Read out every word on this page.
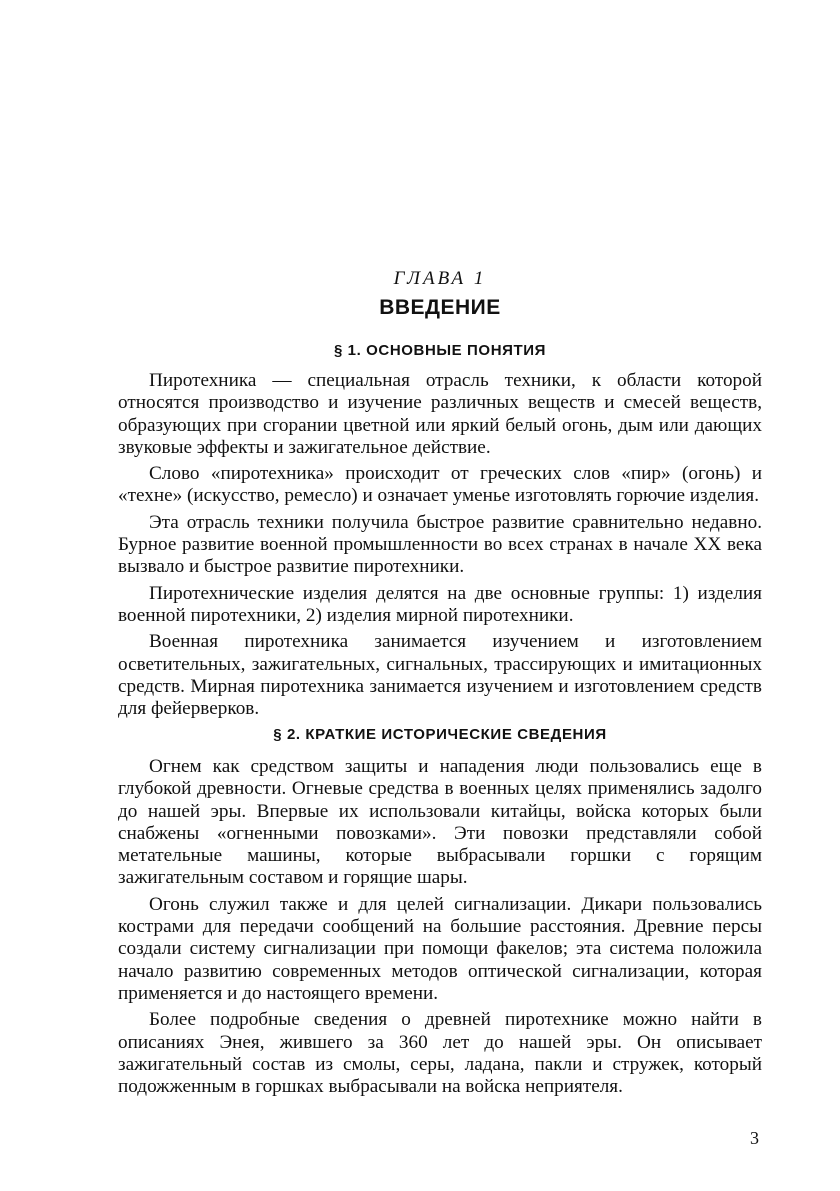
ГЛАВА 1
ВВЕДЕНИЕ
§ 1. ОСНОВНЫЕ ПОНЯТИЯ

Пиротехника — специальная отрасль техники, к области которой относятся производство и изучение различных веществ и смесей веществ, образующих при сгорании цветной или яркий белый огонь, дым или дающих звуковые эффекты и зажигательное действие.

Слово «пиротехника» происходит от греческих слов «пир» (огонь) и «техне» (искусство, ремесло) и означает уменье изготовлять горючие изделия.

Эта отрасль техники получила быстрое развитие сравнительно недавно. Бурное развитие военной промышленности во всех странах в начале XX века вызвало и быстрое развитие пиротехники.

Пиротехнические изделия делятся на две основные группы: 1) изделия военной пиротехники, 2) изделия мирной пиротехники.

Военная пиротехника занимается изучением и изготовлением осветительных, зажигательных, сигнальных, трассирующих и имитационных средств. Мирная пиротехника занимается изучением и изготовлением средств для фейерверков.

§ 2. КРАТКИЕ ИСТОРИЧЕСКИЕ СВЕДЕНИЯ

Огнем как средством защиты и нападения люди пользовались еще в глубокой древности. Огневые средства в военных целях применялись задолго до нашей эры. Впервые их использовали китайцы, войска которых были снабжены «огненными повозками». Эти повозки представляли собой метательные машины, которые выбрасывали горшки с горящим зажигательным составом и горящие шары.

Огонь служил также и для целей сигнализации. Дикари пользовались кострами для передачи сообщений на большие расстояния. Древние персы создали систему сигнализации при помощи факелов; эта система положила начало развитию современных методов оптической сигнализации, которая применяется и до настоящего времени.

Более подробные сведения о древней пиротехнике можно найти в описаниях Энея, жившего за 360 лет до нашей эры. Он описывает зажигательный состав из смолы, серы, ладана, пакли и стружек, который подожженным в горшках выбрасывали на войска неприятеля.

3
